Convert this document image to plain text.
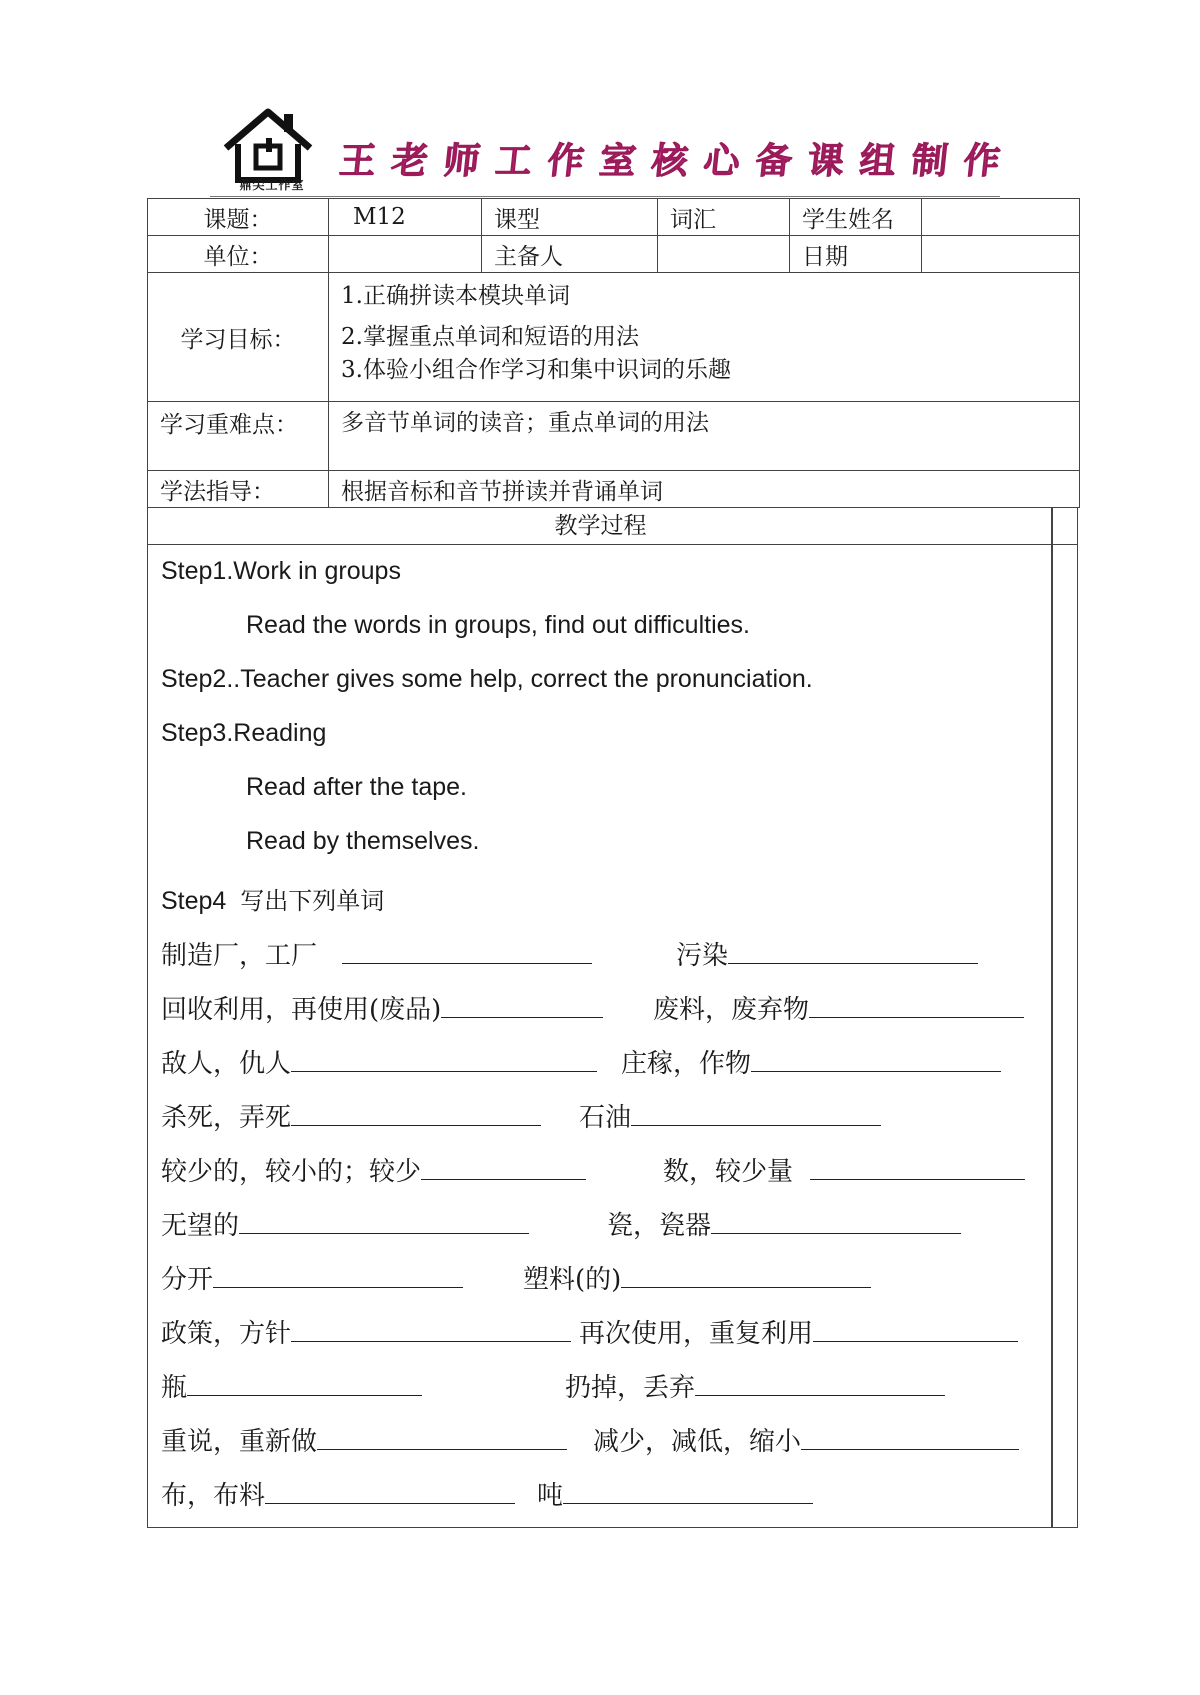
鼎尖工作室
王老师工作室核心备课组制作
课题：	M12	课型	词汇	学生姓名	
单位：		主备人		日期	
学习目标：	1.正确拼读本模块单词
2.掌握重点单词和短语的用法
3.体验小组合作学习和集中识词的乐趣				

学习重难点：	多音节单词的读音；重点单词的用法				
学法指导：	根据音标和音节拼读并背诵单词				
教学过程
Step1.Work in groups
Read the words in groups, find out difficulties.
Step2..Teacher gives some help, correct the pronunciation.
Step3.Reading
Read after the tape.
Read by themselves.
Step4 写出下列单词
制造厂，工厂	污染
回收利用，再使用(废品)	废料，废弃物
敌人，仇人	庄稼，作物
杀死，弄死	石油
较少的，较小的；较少	数，较少量
无望的	瓷，瓷器
分开	塑料(的)
政策，方针	再次使用，重复利用
瓶	扔掉，丢弃
重说，重新做	减少，减低，缩小
布，布料	吨
